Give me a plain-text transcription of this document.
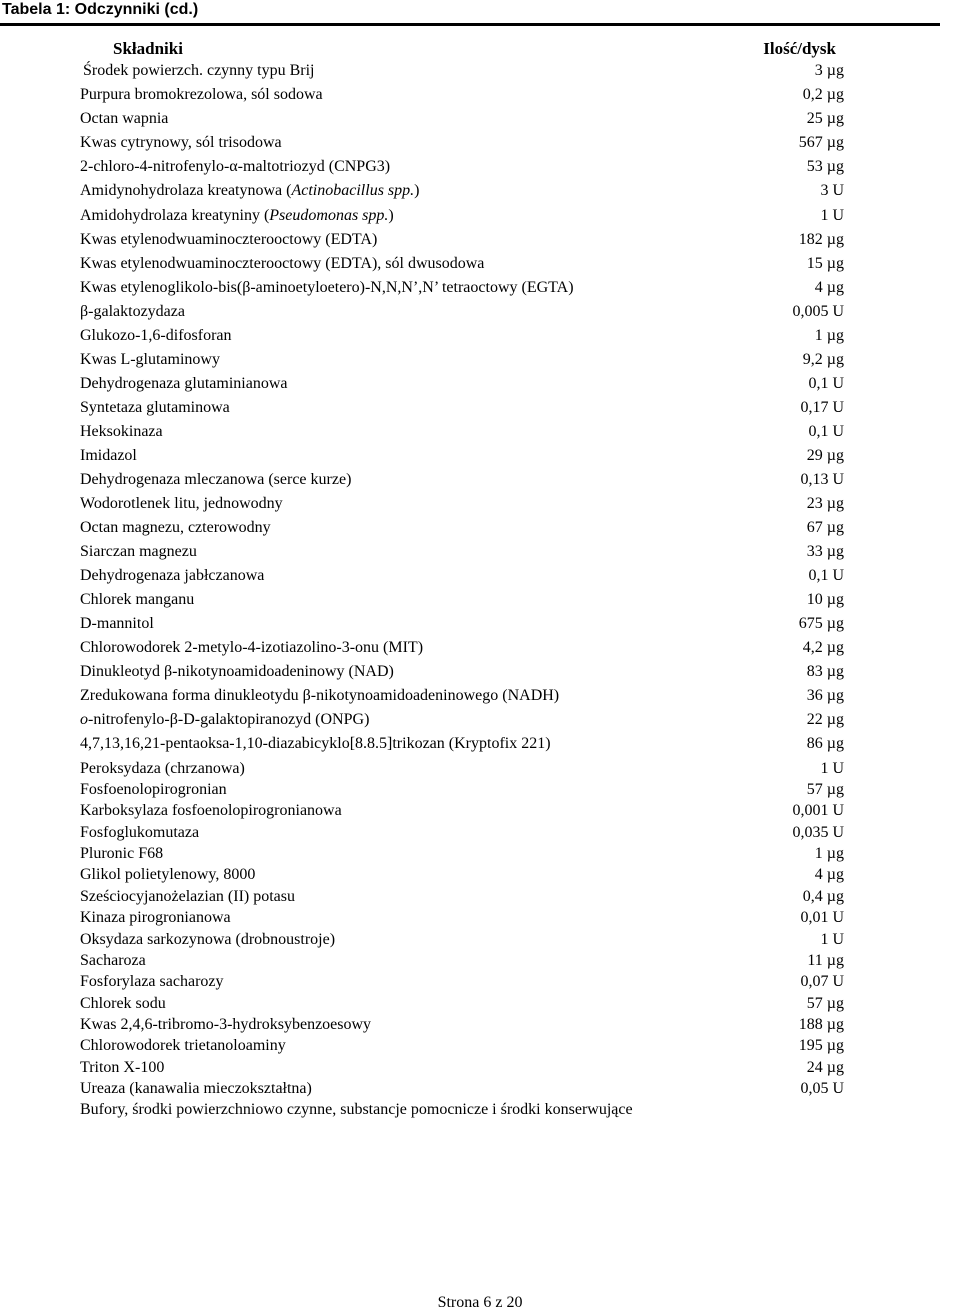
Tabela 1: Odczynniki (cd.)
Składniki	Ilość/dysk
Środek powierzch. czynny typu Brij	3 µg
Purpura bromokrezolowa, sól sodowa	0,2 µg
Octan wapnia	25 µg
Kwas cytrynowy, sól trisodowa	567 µg
2-chloro-4-nitrofenylo-α-maltotriozyd (CNPG3)	53 µg
Amidynohydrolaza kreatynowa (Actinobacillus spp.)	3 U
Amidohydrolaza kreatyniny (Pseudomonas spp.)	1 U
Kwas etylenodwuaminoczterooctowy (EDTA)	182 µg
Kwas etylenodwuaminoczterooctowy (EDTA), sól dwusodowa	15 µg
Kwas etylenoglikolo-bis(β-aminoetyloetero)-N,N,N’,N’ tetraoctowy (EGTA)	4 µg
β-galaktozydaza	0,005 U
Glukozo-1,6-difosforan	1 µg
Kwas L-glutaminowy	9,2 µg
Dehydrogenaza glutaminianowa	0,1 U
Syntetaza glutaminowa	0,17 U
Heksokinaza	0,1 U
Imidazol	29 µg
Dehydrogenaza mleczanowa (serce kurze)	0,13 U
Wodorotlenek litu, jednowodny	23 µg
Octan magnezu, czterowodny	67 µg
Siarczan magnezu	33 µg
Dehydrogenaza jabłczanowa	0,1 U
Chlorek manganu	10 µg
D-mannitol	675 µg
Chlorowodorek 2-metylo-4-izotiazolino-3-onu (MIT)	4,2 µg
Dinukleotyd β-nikotynoamidoadeninowy (NAD)	83 µg
Zredukowana forma dinukleotydu β-nikotynoamidoadeninowego (NADH)	36 µg
o-nitrofenylo-β-D-galaktopiranozyd (ONPG)	22 µg
4,7,13,16,21-pentaoksa-1,10-diazabicyklo[8.8.5]trikozan (Kryptofix 221)	86 µg
Peroksydaza (chrzanowa)	1 U
Fosfoenolopirogronian	57 µg
Karboksylaza fosfoenolopirogronianowa	0,001 U
Fosfoglukomutaza	0,035 U
Pluronic F68	1 µg
Glikol polietylenowy, 8000	4 µg
Sześciocyjanożelazian (II) potasu	0,4 µg
Kinaza pirogronianowa	0,01 U
Oksydaza sarkozynowa (drobnoustroje)	1 U
Sacharoza	11 µg
Fosforylaza sacharozy	0,07 U
Chlorek sodu	57 µg
Kwas 2,4,6-tribromo-3-hydroksybenzoesowy	188 µg
Chlorowodorek trietanoloaminy	195 µg
Triton X-100	24 µg
Ureaza (kanawalia mieczokształtna)	0,05 U
Bufory, środki powierzchniowo czynne, substancje pomocnicze i środki konserwujące
Strona 6 z 20
